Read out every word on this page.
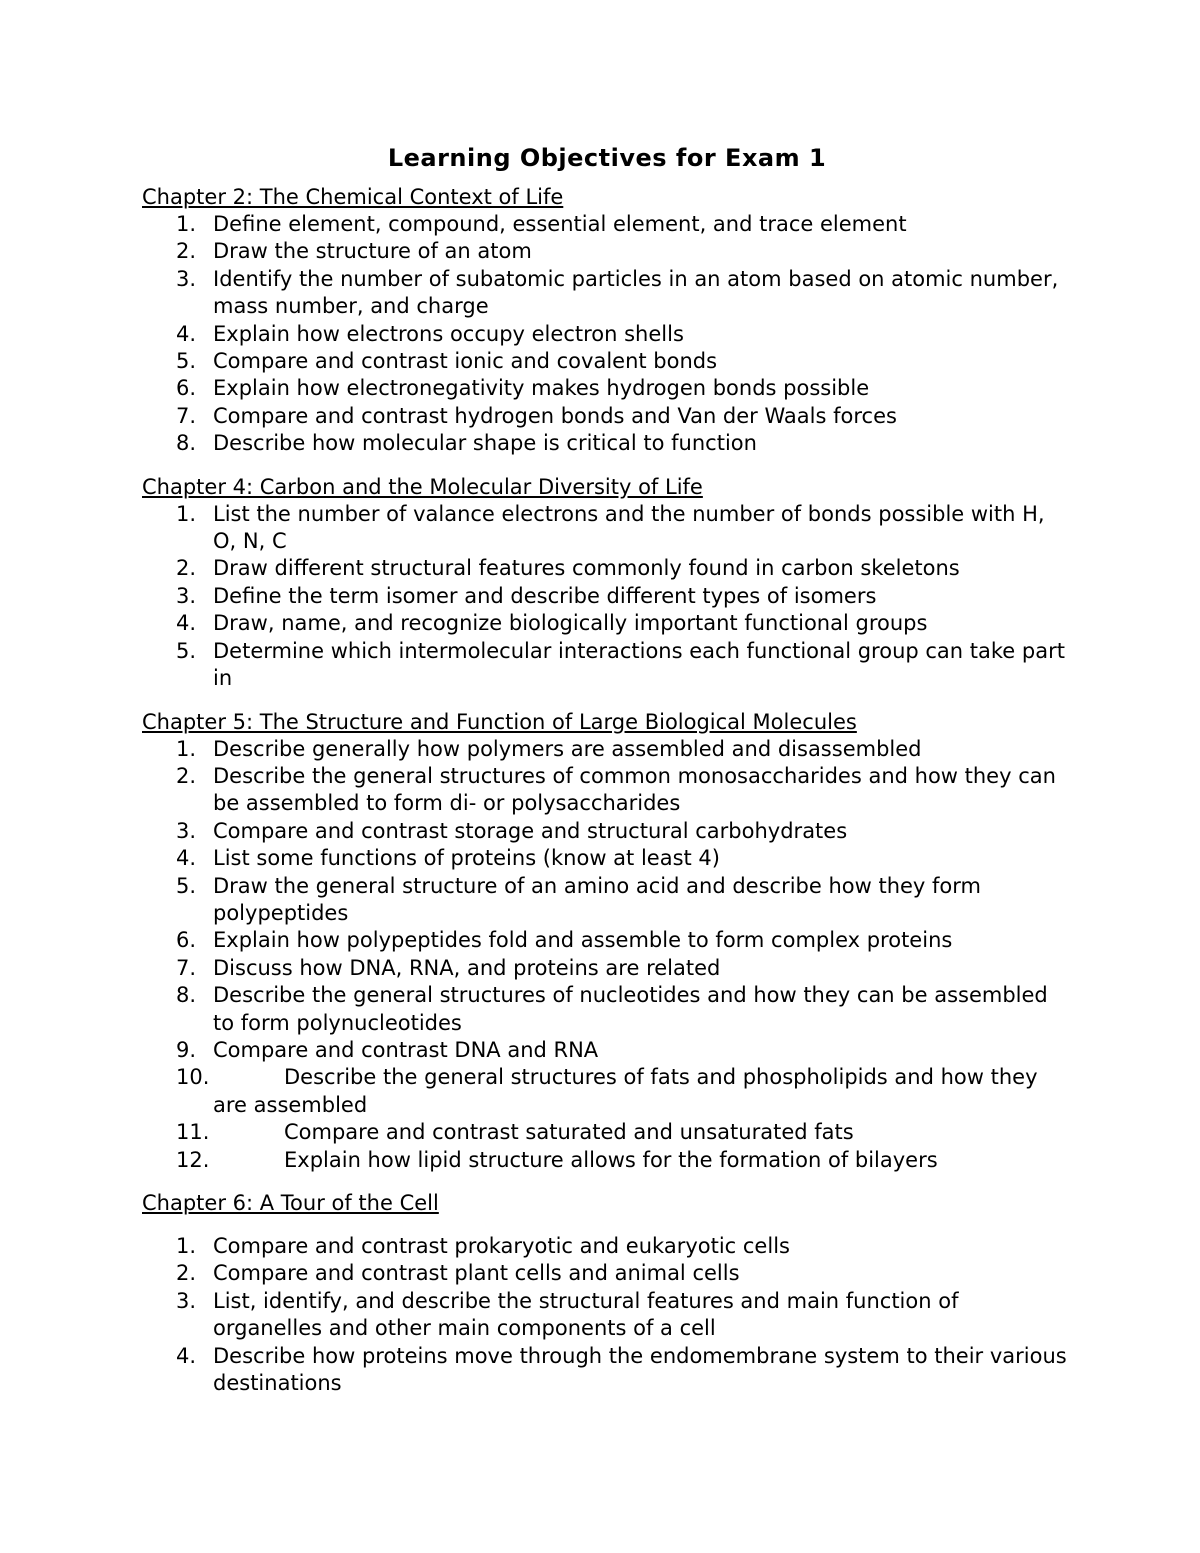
Learning Objectives for Exam 1
Chapter 2: The Chemical Context of Life
1. Define element, compound, essential element, and trace element
2. Draw the structure of an atom
3. Identify the number of subatomic particles in an atom based on atomic number, mass number, and charge
4. Explain how electrons occupy electron shells
5. Compare and contrast ionic and covalent bonds
6. Explain how electronegativity makes hydrogen bonds possible
7. Compare and contrast hydrogen bonds and Van der Waals forces
8. Describe how molecular shape is critical to function
Chapter 4: Carbon and the Molecular Diversity of Life
1. List the number of valance electrons and the number of bonds possible with H, O, N, C
2. Draw different structural features commonly found in carbon skeletons
3. Define the term isomer and describe different types of isomers
4. Draw, name, and recognize biologically important functional groups
5. Determine which intermolecular interactions each functional group can take part in
Chapter 5: The Structure and Function of Large Biological Molecules
1. Describe generally how polymers are assembled and disassembled
2. Describe the general structures of common monosaccharides and how they can be assembled to form di- or polysaccharides
3. Compare and contrast storage and structural carbohydrates
4. List some functions of proteins (know at least 4)
5. Draw the general structure of an amino acid and describe how they form polypeptides
6. Explain how polypeptides fold and assemble to form complex proteins
7. Discuss how DNA, RNA, and proteins are related
8. Describe the general structures of nucleotides and how they can be assembled to form polynucleotides
9. Compare and contrast DNA and RNA
10.	Describe the general structures of fats and phospholipids and how they are assembled
11.	Compare and contrast saturated and unsaturated fats
12.	Explain how lipid structure allows for the formation of bilayers
Chapter 6: A Tour of the Cell
1. Compare and contrast prokaryotic and eukaryotic cells
2. Compare and contrast plant cells and animal cells
3. List, identify, and describe the structural features and main function of organelles and other main components of a cell
4. Describe how proteins move through the endomembrane system to their various destinations
